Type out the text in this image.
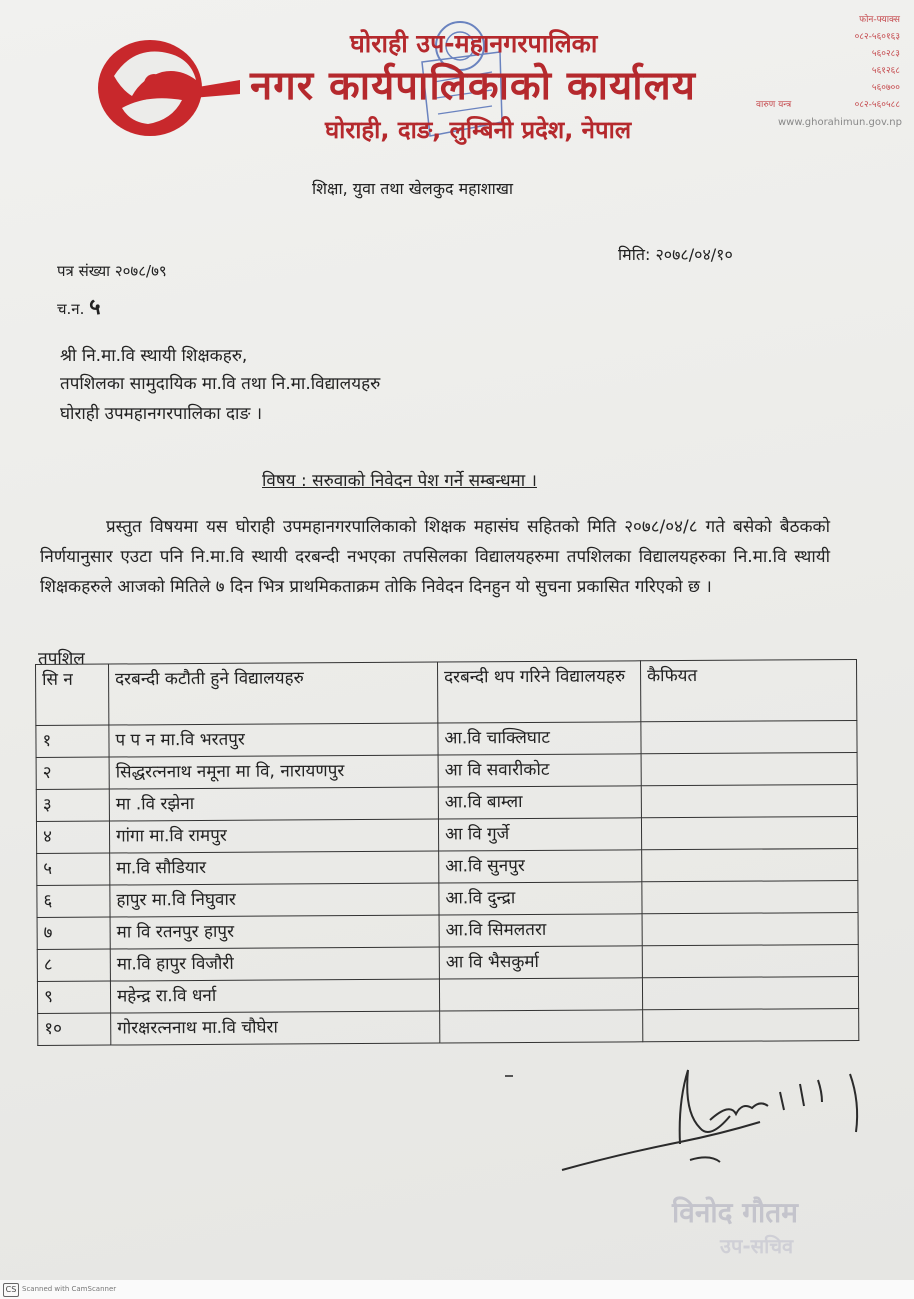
घोराही उप-महानगरपालिका
नगर कार्यपालिकाको कार्यालय
घोराही, दाङ, लुम्बिनी प्रदेश, नेपाल
फोन-फ्याक्स
०८२-५६०१६३
५६०२८३
५६१२६८
५६०७००
वारुण यन्त्र	०८२-५६०५८८
www.ghorahimun.gov.np
शिक्षा, युवा तथा खेलकुद महाशाखा
मिति: २०७८/०४/१०
पत्र संख्या २०७८/७९
च.न. ५
श्री नि.मा.वि स्थायी शिक्षकहरु,
तपशिलका सामुदायिक मा.वि तथा नि.मा.विद्यालयहरु
घोराही उपमहानगरपालिका दाङ ।
विषय : सरुवाको निवेदन पेश गर्ने सम्बन्धमा ।

प्रस्तुत विषयमा यस घोराही उपमहानगरपालिकाको शिक्षक महासंघ सहितको मिति २०७८/०४/८ गते बसेको बैठकको निर्णयानुसार एउटा पनि नि.मा.वि स्थायी दरबन्दी नभएका तपसिलका विद्यालयहरुमा तपशिलका विद्यालयहरुका नि.मा.वि स्थायी शिक्षकहरुले आजको मितिले ७ दिन भित्र प्राथमिकताक्रम तोकि निवेदन दिनहुन यो सुचना प्रकासित गरिएको छ ।

तपशिल
सि न	दरबन्दी कटौती हुने विद्यालयहरु	दरबन्दी थप गरिने विद्यालयहरु	कैफियत
१	प प न मा.वि भरतपुर	आ.वि चाक्लिघाट	
२	सिद्धरत्ननाथ नमूना मा वि, नारायणपुर	आ वि सवारीकोट	
३	मा .वि रझेना	आ.वि बाम्ला	
४	गांगा मा.वि रामपुर	आ वि गुर्जे	
५	मा.वि सौडियार	आ.वि सुनपुर	
६	हापुर मा.वि निघुवार	आ.वि दुन्द्रा	
७	मा वि रतनपुर हापुर	आ.वि सिमलतरा	
८	मा.वि हापुर विजौरी	आ वि भैसकुर्मा	
९	महेन्द्र रा.वि धर्ना		
१०	गोरक्षरत्ननाथ मा.वि चौघेरा		
विनोद गौतम
उप-सचिव
CS Scanned with CamScanner
